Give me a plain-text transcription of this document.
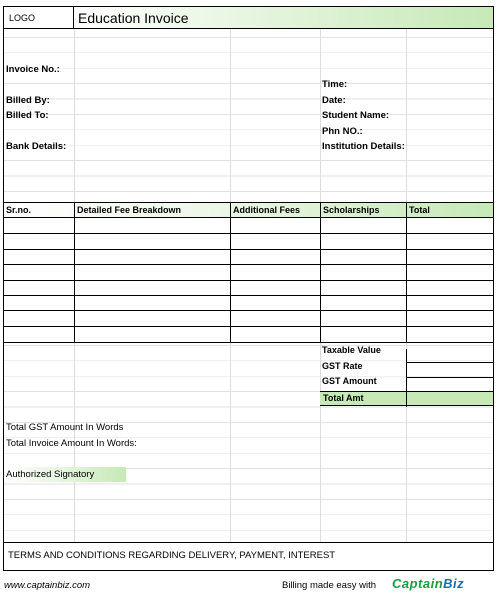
LOGO	Education Invoice
Invoice No.:
Billed By:
Billed To:
Bank Details:
Time:
Date:
Student Name:
Phn NO.:
Institution Details:
Sr.no.	Detailed Fee Breakdown	Additional Fees	Scholarships	Total
Taxable Value
GST Rate
GST Amount
Total Amt
Total GST Amount In Words
Total Invoice Amount In Words:
Authorized Signatory
TERMS AND CONDITIONS REGARDING DELIVERY, PAYMENT, INTEREST
www.captainbiz.com	Billing made easy with CaptainBiz
